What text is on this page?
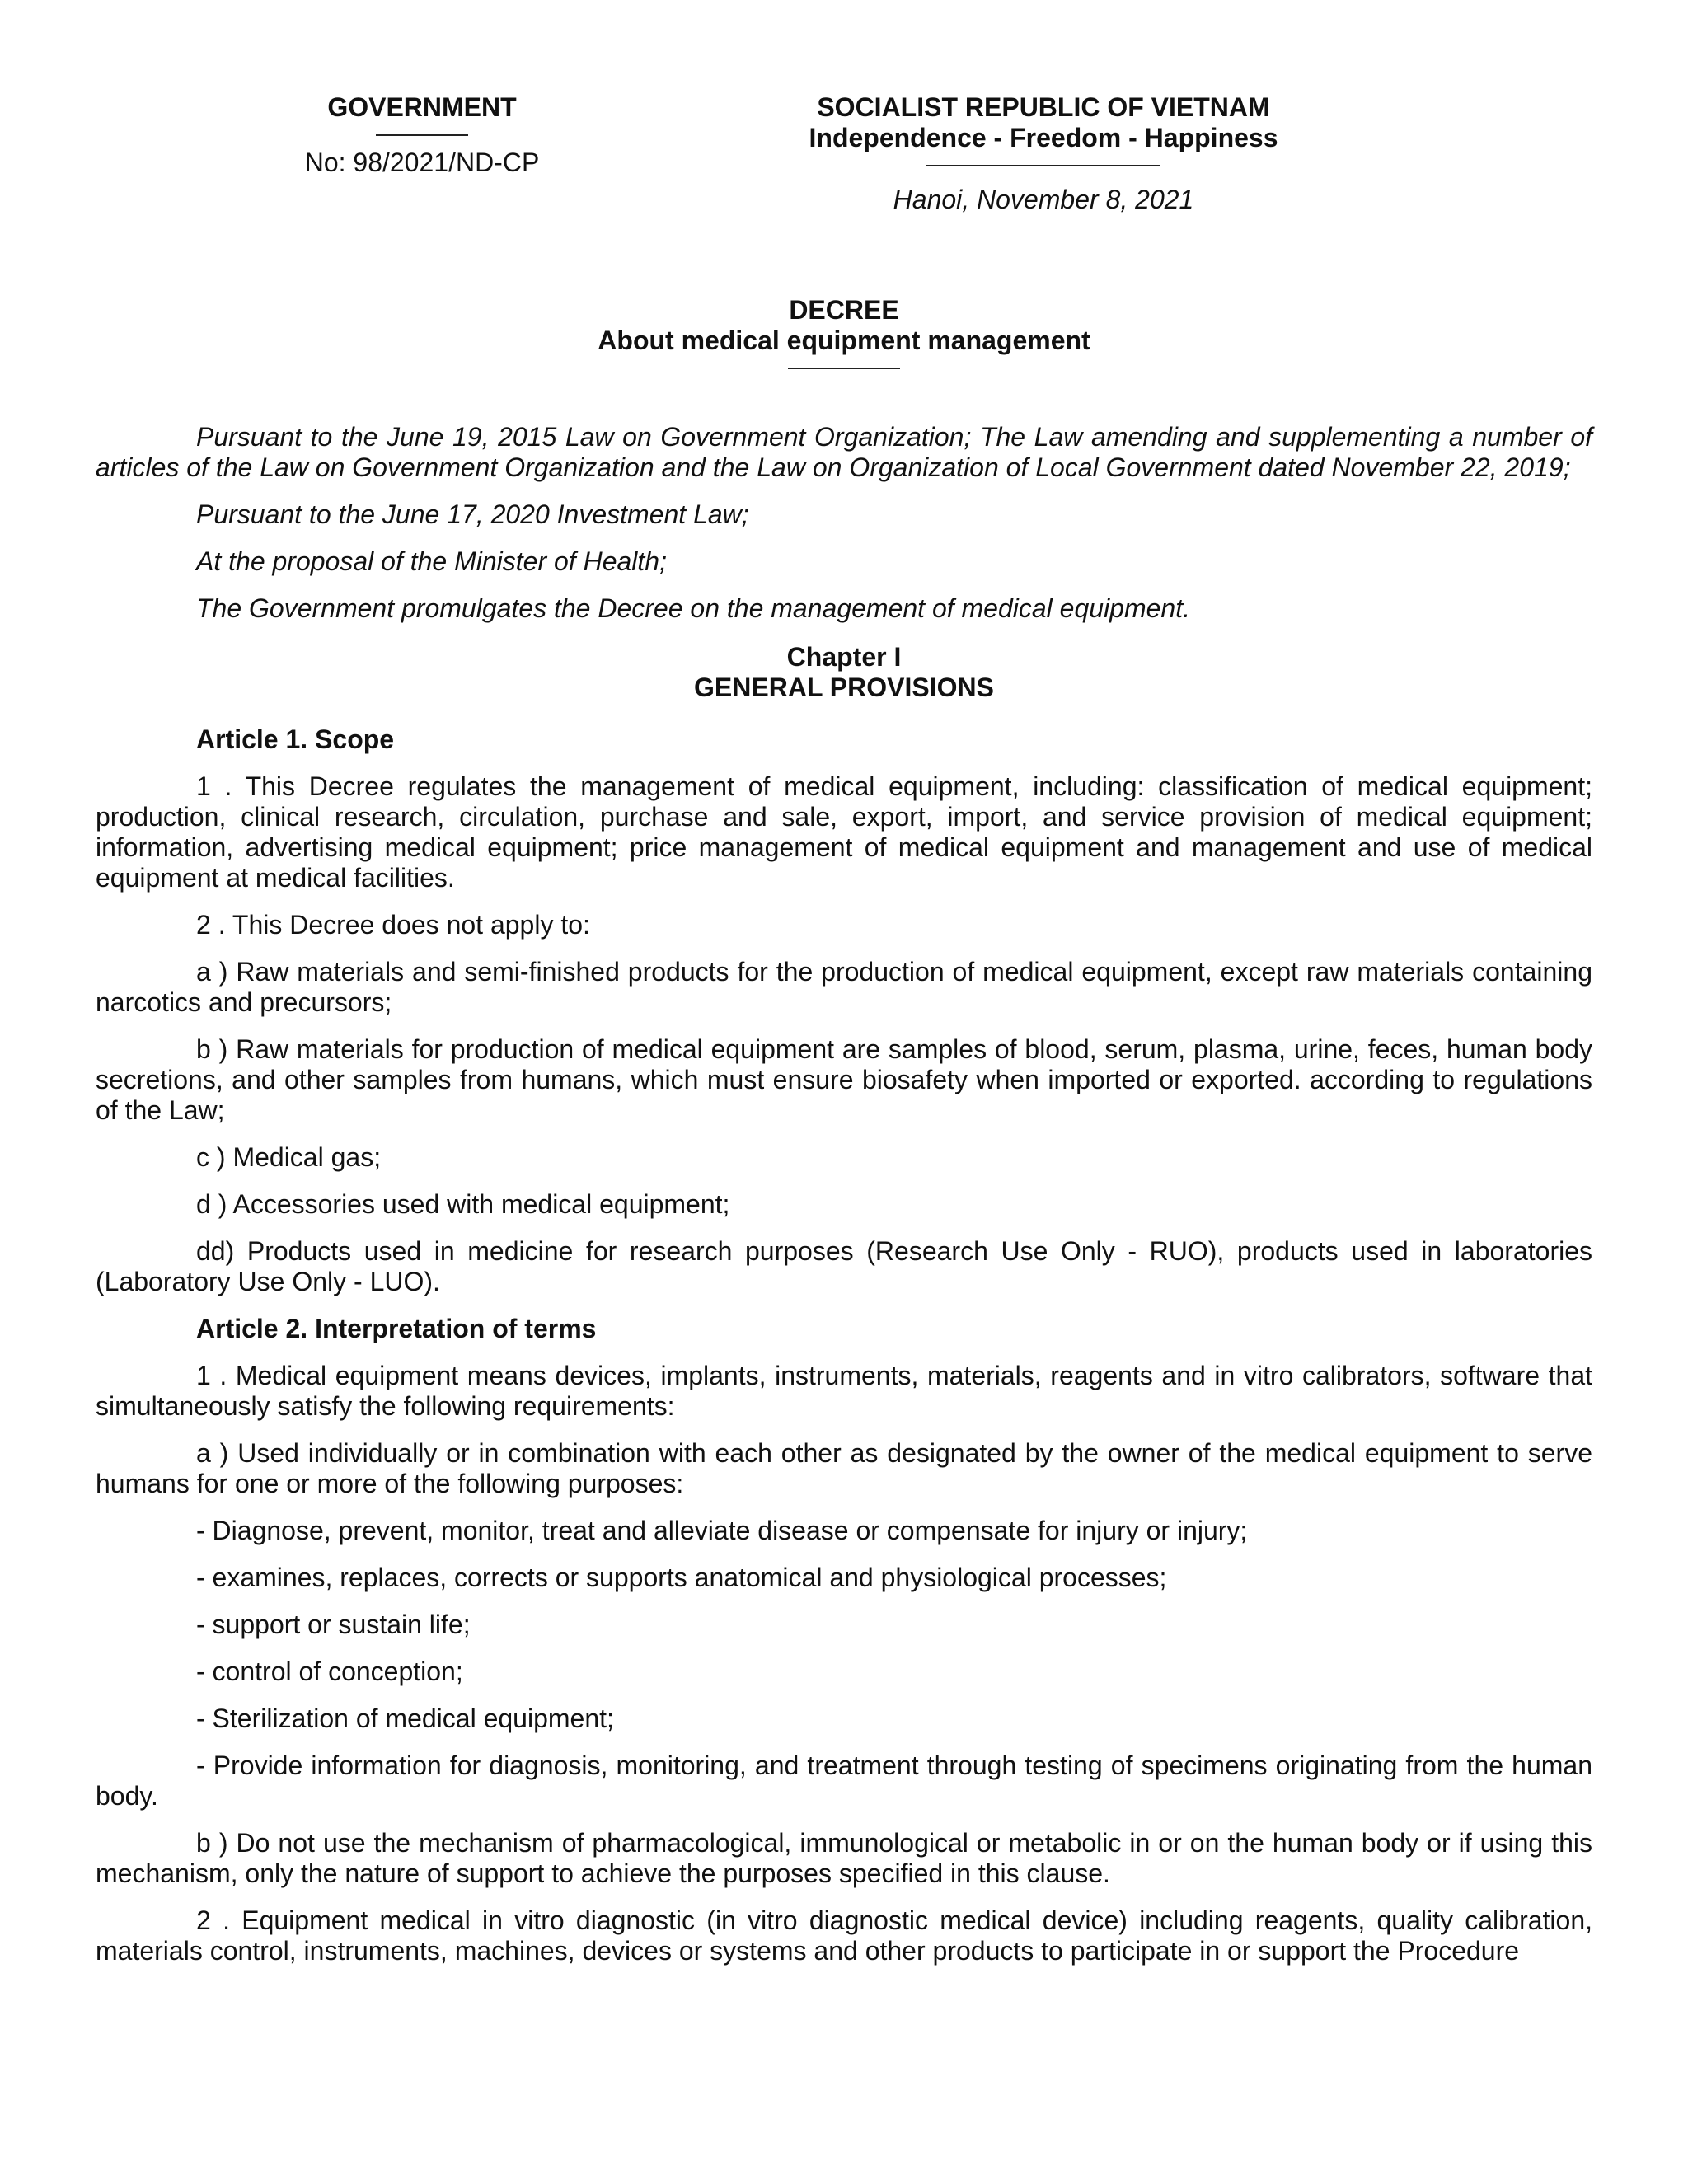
GOVERNMENT
No: 98/2021/ND-CP
SOCIALIST REPUBLIC OF VIETNAM
Independence - Freedom - Happiness
Hanoi, November 8, 2021
DECREE
About medical equipment management

Pursuant to the June 19, 2015 Law on Government Organization; The Law amending and supplementing a number of articles of the Law on Government Organization and the Law on Organization of Local Government dated November 22, 2019;

Pursuant to the June 17, 2020 Investment Law;

At the proposal of the Minister of Health;

The Government promulgates the Decree on the management of medical equipment.

Chapter I
GENERAL PROVISIONS

Article 1. Scope

1 . This Decree regulates the management of medical equipment, including: classification of medical equipment; production, clinical research, circulation, purchase and sale, export, import, and service provision of medical equipment; information, advertising medical equipment; price management of medical equipment and management and use of medical equipment at medical facilities.

2 . This Decree does not apply to:

a ) Raw materials and semi-finished products for the production of medical equipment, except raw materials containing narcotics and precursors;

b ) Raw materials for production of medical equipment are samples of blood, serum, plasma, urine, feces, human body secretions, and other samples from humans, which must ensure biosafety when imported or exported. according to regulations of the Law;

c ) Medical gas;

d ) Accessories used with medical equipment;

dd) Products used in medicine for research purposes (Research Use Only - RUO), products used in laboratories (Laboratory Use Only - LUO).

Article 2. Interpretation of terms

1 . Medical equipment means devices, implants, instruments, materials, reagents and in vitro calibrators, software that simultaneously satisfy the following requirements:

a ) Used individually or in combination with each other as designated by the owner of the medical equipment to serve humans for one or more of the following purposes:

- Diagnose, prevent, monitor, treat and alleviate disease or compensate for injury or injury;

- examines, replaces, corrects or supports anatomical and physiological processes;

- support or sustain life;

- control of conception;

- Sterilization of medical equipment;

- Provide information for diagnosis, monitoring, and treatment through testing of specimens originating from the human body.

b ) Do not use the mechanism of pharmacological, immunological or metabolic in or on the human body or if using this mechanism, only the nature of support to achieve the purposes specified in this clause.

2 . Equipment medical in vitro diagnostic (in vitro diagnostic medical device) including reagents, quality calibration, materials control, instruments, machines, devices or systems and other products to participate in or support the Procedure
